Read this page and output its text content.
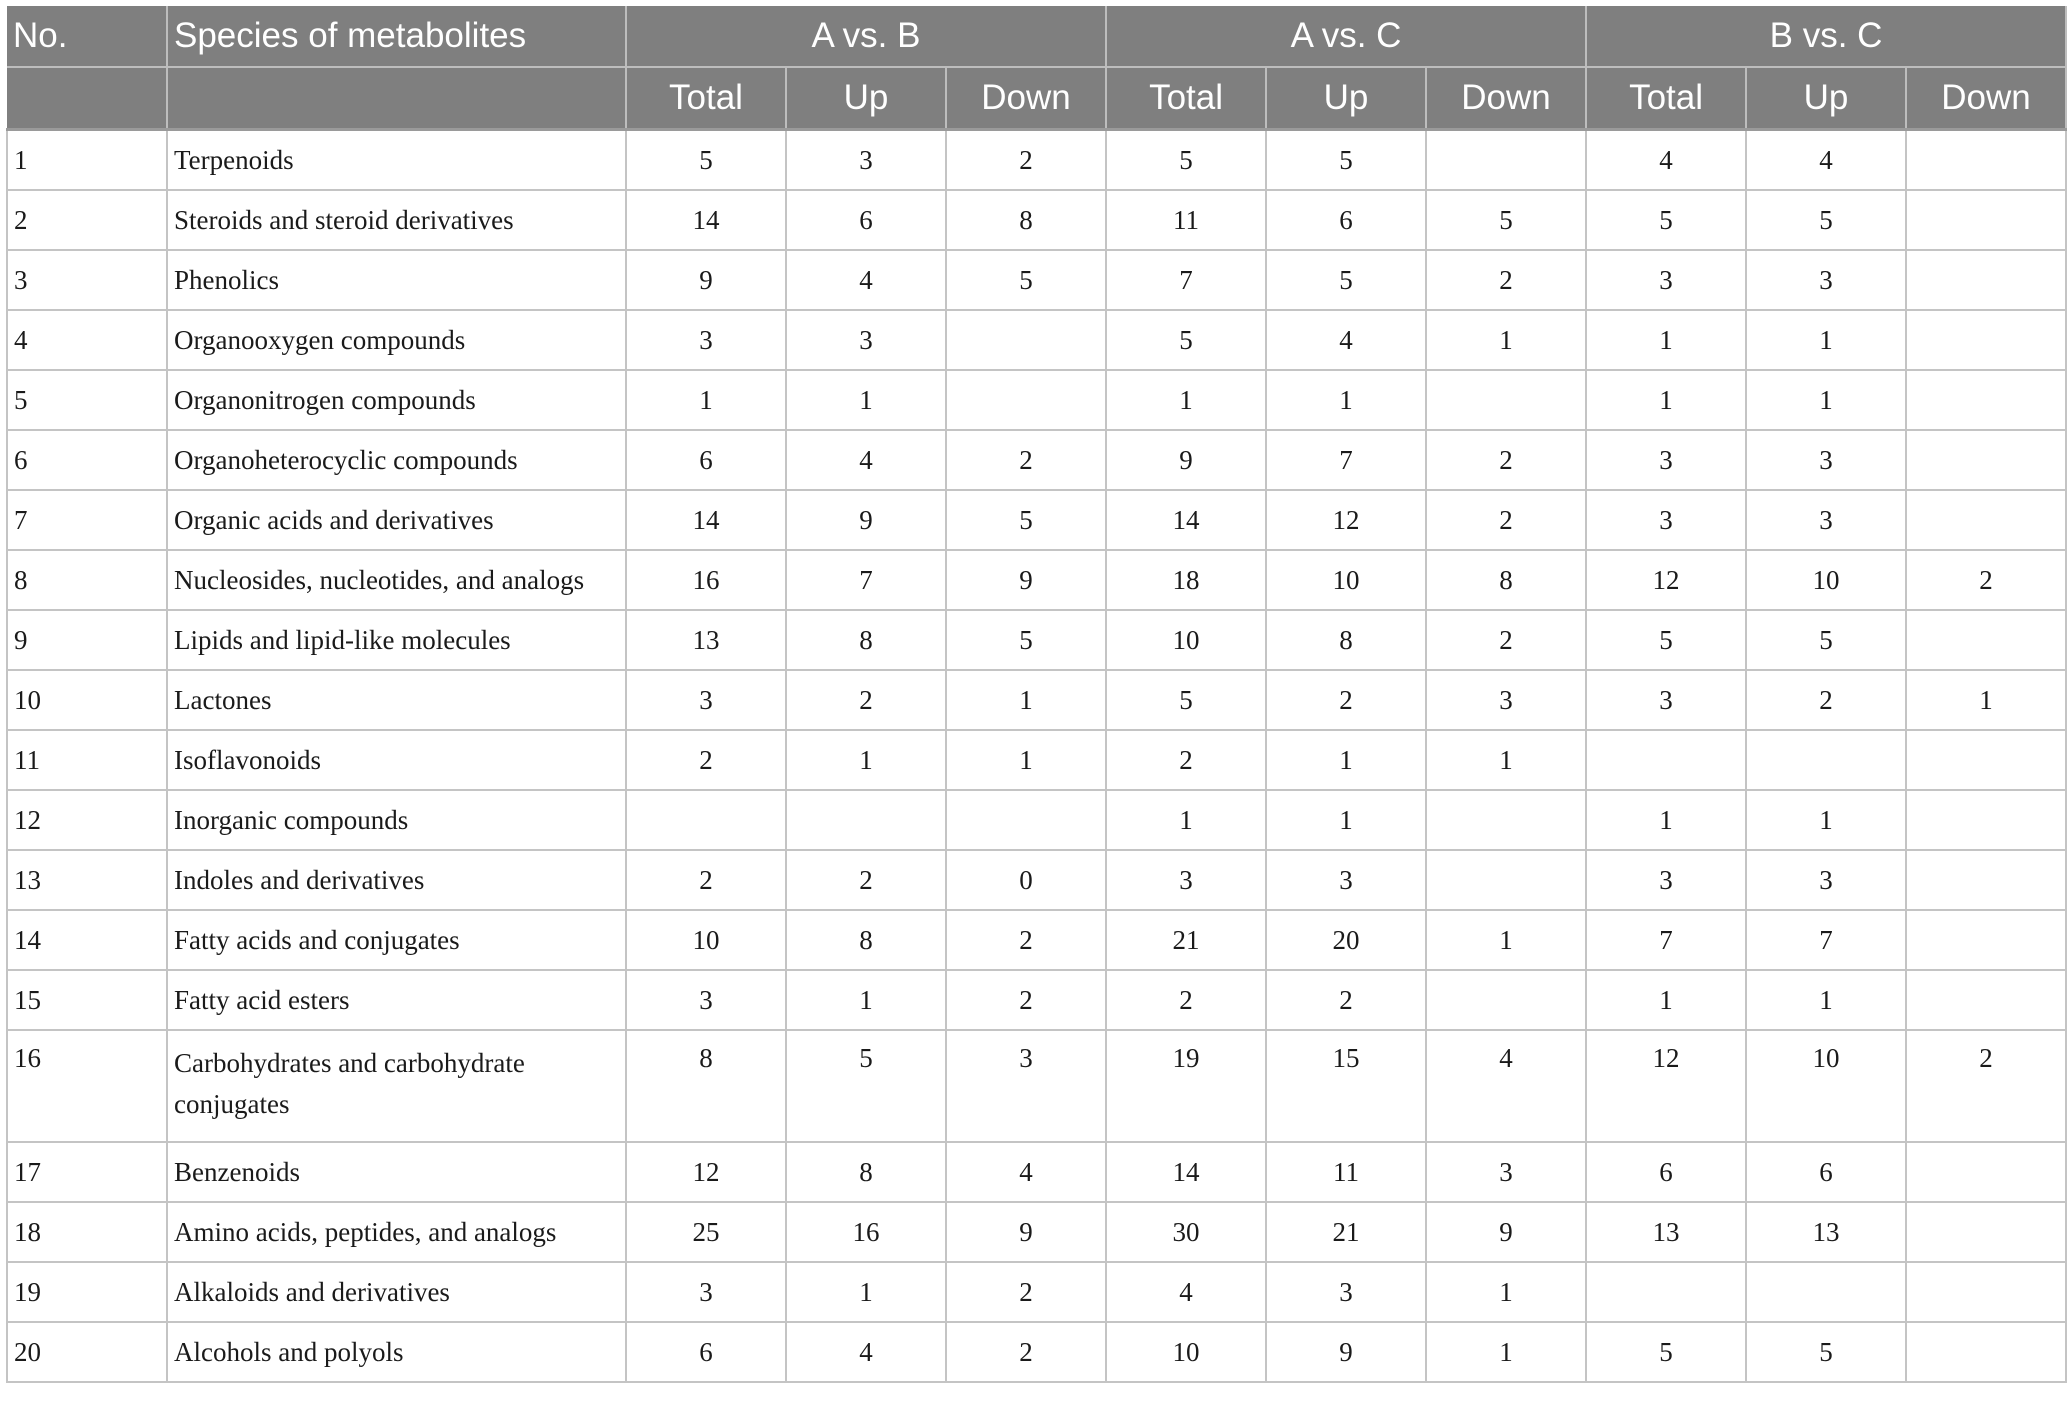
No.	Species of metabolites	A vs. B			A vs. C			B vs. C		
		Total	Up	Down	Total	Up	Down	Total	Up	Down
1	Terpenoids	5	3	2	5	5		4	4	
2	Steroids and steroid derivatives	14	6	8	11	6	5	5	5	
3	Phenolics	9	4	5	7	5	2	3	3	
4	Organooxygen compounds	3	3		5	4	1	1	1	
5	Organonitrogen compounds	1	1		1	1		1	1	
6	Organoheterocyclic compounds	6	4	2	9	7	2	3	3	
7	Organic acids and derivatives	14	9	5	14	12	2	3	3	
8	Nucleosides, nucleotides, and analogs	16	7	9	18	10	8	12	10	2
9	Lipids and lipid-like molecules	13	8	5	10	8	2	5	5	
10	Lactones	3	2	1	5	2	3	3	2	1
11	Isoflavonoids	2	1	1	2	1	1			
12	Inorganic compounds				1	1		1	1	
13	Indoles and derivatives	2	2	0	3	3		3	3	
14	Fatty acids and conjugates	10	8	2	21	20	1	7	7	
15	Fatty acid esters	3	1	2	2	2		1	1	
16	Carbohydrates and carbohydrate conjugates	8	5	3	19	15	4	12	10	2
17	Benzenoids	12	8	4	14	11	3	6	6	
18	Amino acids, peptides, and analogs	25	16	9	30	21	9	13	13	
19	Alkaloids and derivatives	3	1	2	4	3	1			
20	Alcohols and polyols	6	4	2	10	9	1	5	5	
